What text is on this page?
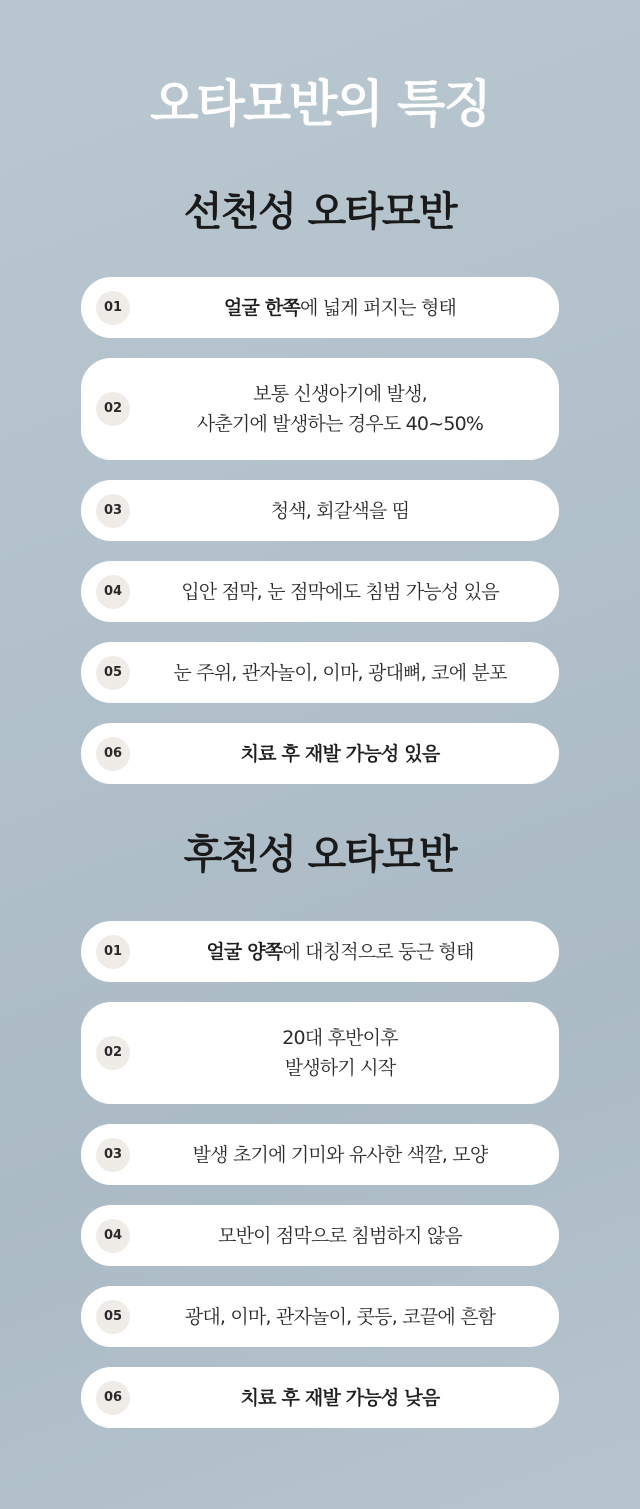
오타모반의 특징
선천성 오타모반
01	얼굴 한쪽에 넓게 퍼지는 형태
02
보통 신생아기에 발생,
사춘기에 발생하는 경우도 40~50%
03	청색, 회갈색을 띰
04	입안 점막, 눈 점막에도 침범 가능성 있음
05	눈 주위, 관자놀이, 이마, 광대뼈, 코에 분포
06	치료 후 재발 가능성 있음
후천성 오타모반
01	얼굴 양쪽에 대칭적으로 둥근 형태
02
20대 후반이후
발생하기 시작
03	발생 초기에 기미와 유사한 색깔, 모양
04	모반이 점막으로 침범하지 않음
05	광대, 이마, 관자놀이, 콧등, 코끝에 흔함
06	치료 후 재발 가능성 낮음
